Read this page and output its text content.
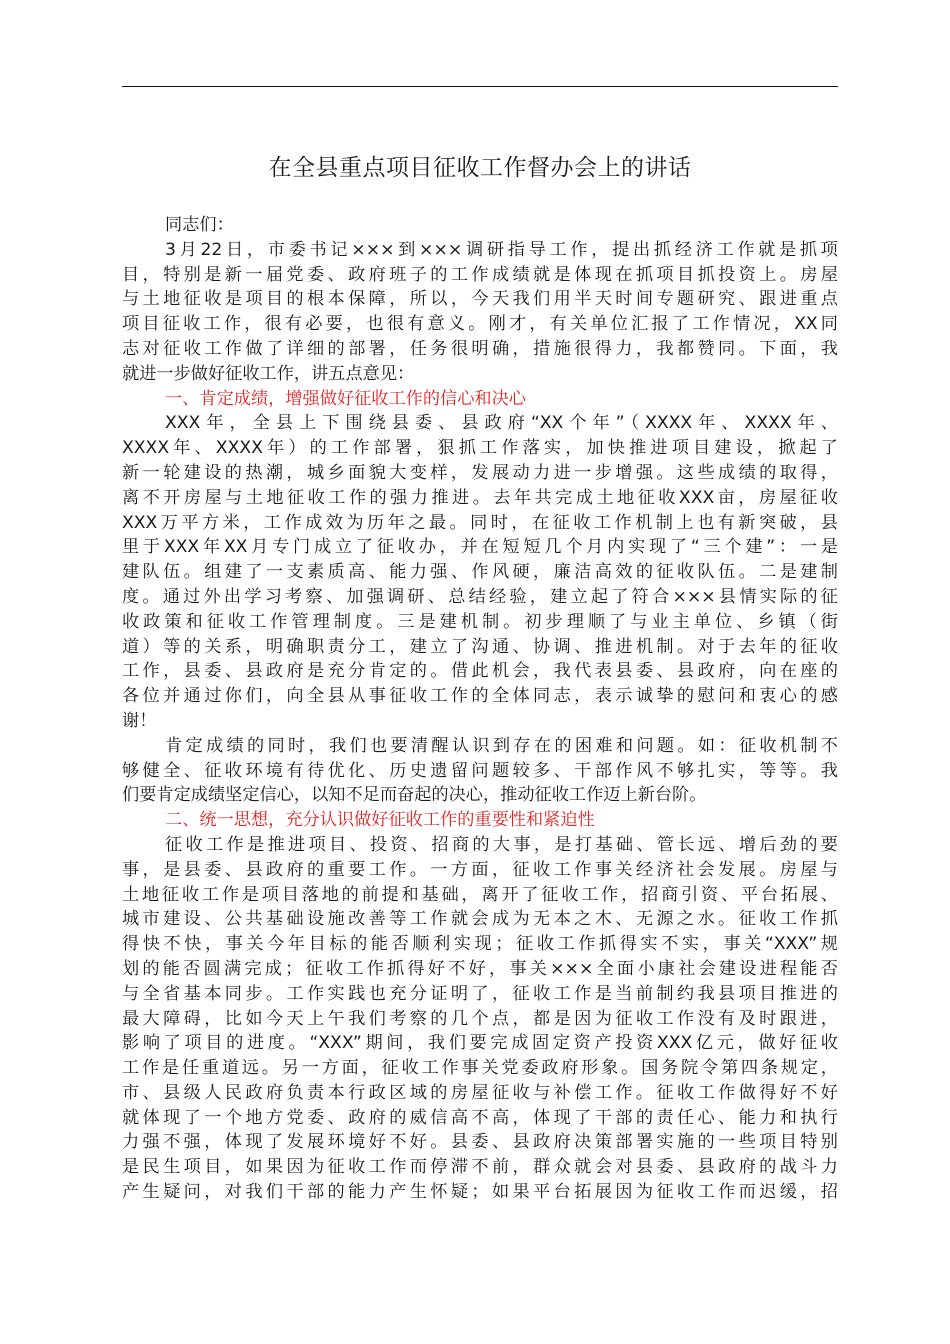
在全县重点项目征收工作督办会上的讲话
同志们：
3月22日，市委书记×××到×××调研指导工作，提出抓经济工作就是抓项
目，特别是新一届党委、政府班子的工作成绩就是体现在抓项目抓投资上。房屋
与土地征收是项目的根本保障，所以，今天我们用半天时间专题研究、跟进重点
项目征收工作，很有必要，也很有意义。刚才，有关单位汇报了工作情况，XX同
志对征收工作做了详细的部署，任务很明确，措施很得力，我都赞同。下面，我
就进一步做好征收工作，讲五点意见：
一、肯定成绩，增强做好征收工作的信心和决心
XXX年，全县上下围绕县委、县政府“XX个年”（XXXX年、XXXX年、
XXXX年、XXXX年）的工作部署，狠抓工作落实，加快推进项目建设，掀起了
新一轮建设的热潮，城乡面貌大变样，发展动力进一步增强。这些成绩的取得，
离不开房屋与土地征收工作的强力推进。去年共完成土地征收XXX亩，房屋征收
XXX万平方米，工作成效为历年之最。同时，在征收工作机制上也有新突破，县
里于XXX年XX月专门成立了征收办，并在短短几个月内实现了“三个建”：一是
建队伍。组建了一支素质高、能力强、作风硬，廉洁高效的征收队伍。二是建制
度。通过外出学习考察、加强调研、总结经验，建立起了符合×××县情实际的征
收政策和征收工作管理制度。三是建机制。初步理顺了与业主单位、乡镇（街
道）等的关系，明确职责分工，建立了沟通、协调、推进机制。对于去年的征收
工作，县委、县政府是充分肯定的。借此机会，我代表县委、县政府，向在座的
各位并通过你们，向全县从事征收工作的全体同志，表示诚挚的慰问和衷心的感
谢！
肯定成绩的同时，我们也要清醒认识到存在的困难和问题。如：征收机制不
够健全、征收环境有待优化、历史遗留问题较多、干部作风不够扎实，等等。我
们要肯定成绩坚定信心，以知不足而奋起的决心，推动征收工作迈上新台阶。
二、统一思想，充分认识做好征收工作的重要性和紧迫性
征收工作是推进项目、投资、招商的大事，是打基础、管长远、增后劲的要
事，是县委、县政府的重要工作。一方面，征收工作事关经济社会发展。房屋与
土地征收工作是项目落地的前提和基础，离开了征收工作，招商引资、平台拓展、
城市建设、公共基础设施改善等工作就会成为无本之木、无源之水。征收工作抓
得快不快，事关今年目标的能否顺利实现；征收工作抓得实不实，事关“XXX”规
划的能否圆满完成；征收工作抓得好不好，事关×××全面小康社会建设进程能否
与全省基本同步。工作实践也充分证明了，征收工作是当前制约我县项目推进的
最大障碍，比如今天上午我们考察的几个点，都是因为征收工作没有及时跟进，
影响了项目的进度。“XXX”期间，我们要完成固定资产投资XXX亿元，做好征收
工作是任重道远。另一方面，征收工作事关党委政府形象。国务院令第四条规定，
市、县级人民政府负责本行政区域的房屋征收与补偿工作。征收工作做得好不好
就体现了一个地方党委、政府的威信高不高，体现了干部的责任心、能力和执行
力强不强，体现了发展环境好不好。县委、县政府决策部署实施的一些项目特别
是民生项目，如果因为征收工作而停滞不前，群众就会对县委、县政府的战斗力
产生疑问，对我们干部的能力产生怀疑；如果平台拓展因为征收工作而迟缓，招
